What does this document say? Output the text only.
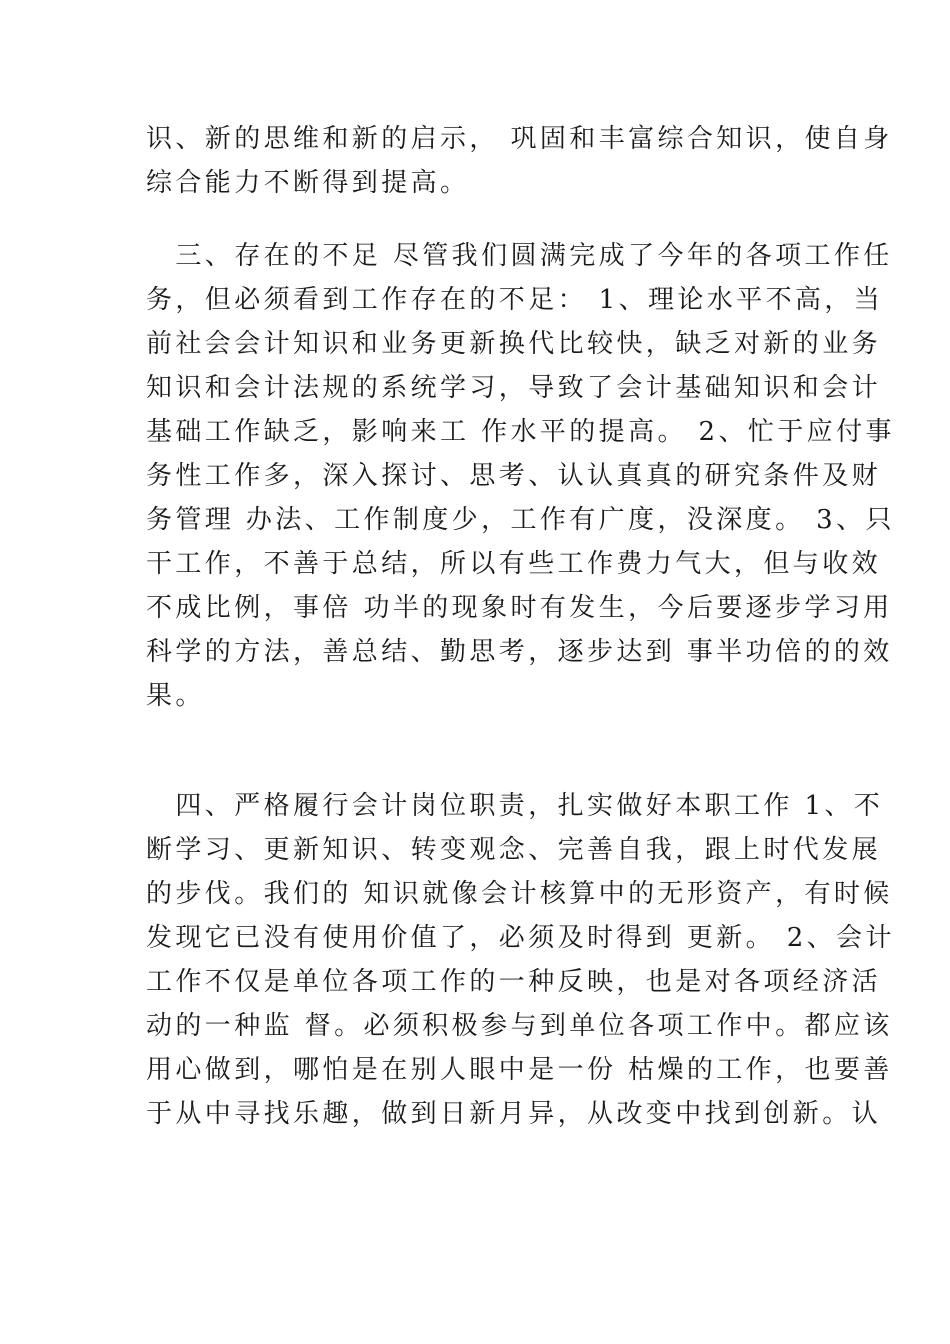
识、新的思维和新的启示， 巩固和丰富综合知识，使自身
综合能力不断得到提高。
　三、存在的不足 尽管我们圆满完成了今年的各项工作任
务，但必须看到工作存在的不足： 1、理论水平不高，当
前社会会计知识和业务更新换代比较快，缺乏对新的业务
知识和会计法规的系统学习，导致了会计基础知识和会计
基础工作缺乏，影响来工 作水平的提高。 2、忙于应付事
务性工作多，深入探讨、思考、认认真真的研究条件及财
务管理 办法、工作制度少，工作有广度，没深度。 3、只
干工作，不善于总结，所以有些工作费力气大，但与收效
不成比例，事倍 功半的现象时有发生，今后要逐步学习用
科学的方法，善总结、勤思考，逐步达到 事半功倍的的效
果。
　四、严格履行会计岗位职责，扎实做好本职工作 1、不
断学习、更新知识、转变观念、完善自我，跟上时代发展
的步伐。我们的 知识就像会计核算中的无形资产，有时候
发现它已没有使用价值了，必须及时得到 更新。 2、会计
工作不仅是单位各项工作的一种反映，也是对各项经济活
动的一种监 督。必须积极参与到单位各项工作中。都应该
用心做到，哪怕是在别人眼中是一份 枯燥的工作，也要善
于从中寻找乐趣，做到日新月异，从改变中找到创新。认
